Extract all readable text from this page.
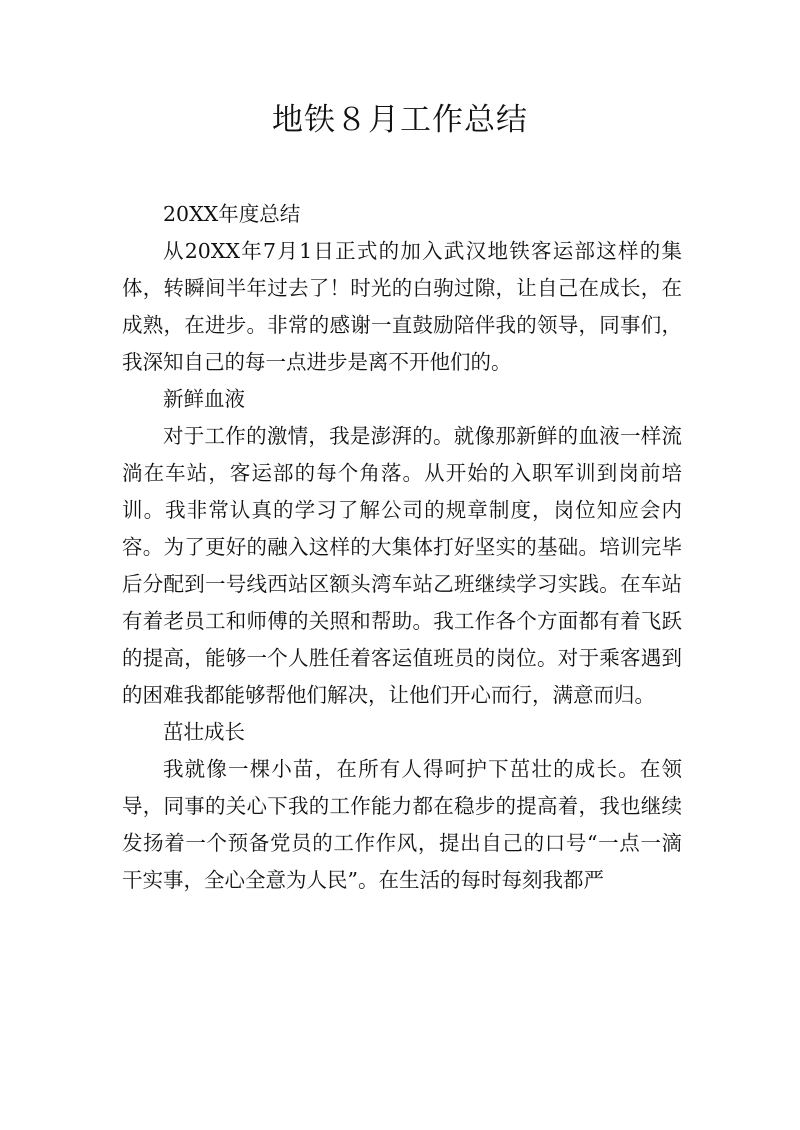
地铁８月工作总结

20XX年度总结

从20XX年7月1日正式的加入武汉地铁客运部这样的集体，转瞬间半年过去了！时光的白驹过隙，让自己在成长，在成熟，在进步。非常的感谢一直鼓励陪伴我的领导，同事们，我深知自己的每一点进步是离不开他们的。

新鲜血液

对于工作的激情，我是澎湃的。就像那新鲜的血液一样流淌在车站，客运部的每个角落。从开始的入职军训到岗前培训。我非常认真的学习了解公司的规章制度，岗位知应会内容。为了更好的融入这样的大集体打好坚实的基础。培训完毕后分配到一号线西站区额头湾车站乙班继续学习实践。在车站有着老员工和师傅的关照和帮助。我工作各个方面都有着飞跃的提高，能够一个人胜任着客运值班员的岗位。对于乘客遇到的困难我都能够帮他们解决，让他们开心而行，满意而归。

茁壮成长

我就像一棵小苗，在所有人得呵护下茁壮的成长。在领导，同事的关心下我的工作能力都在稳步的提高着，我也继续发扬着一个预备党员的工作作风，提出自己的口号“一点一滴干实事，全心全意为人民”。在生活的每时每刻我都严
